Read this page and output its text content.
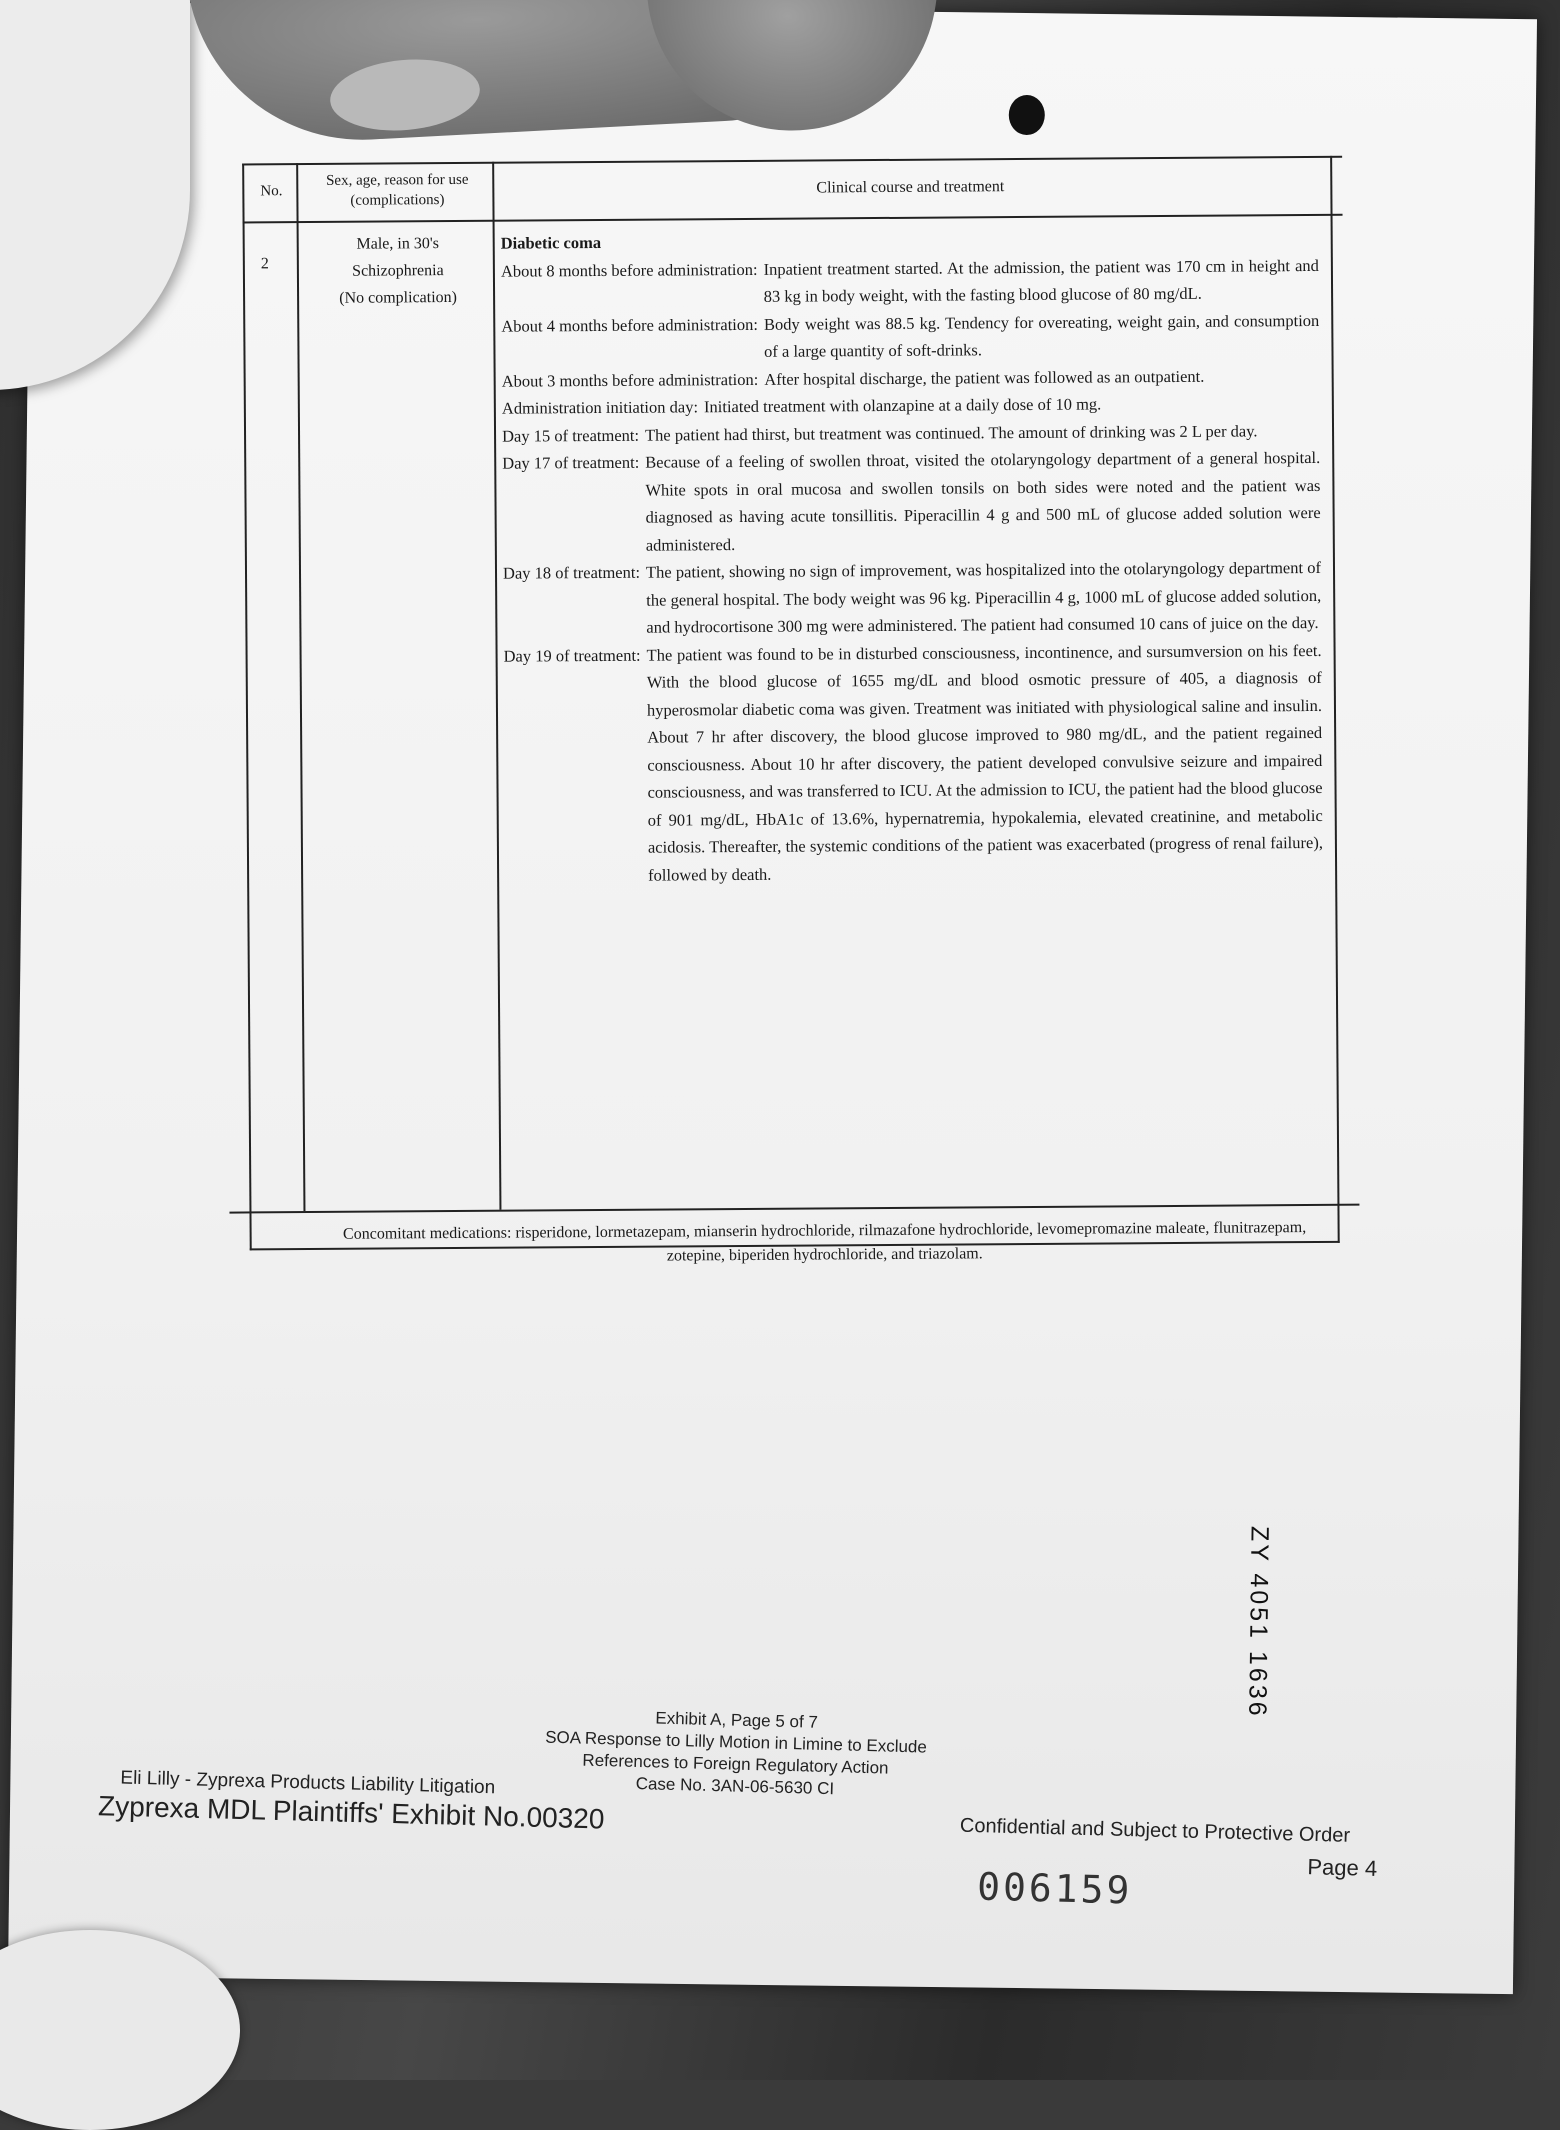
No.
Sex, age, reason for use (complications)
Clinical course and treatment
2
Male, in 30's
Schizophrenia
(No complication)
Diabetic coma
About 8 months before administration: Inpatient treatment started. At the admission, the patient was 170 cm in height and 83 kg in body weight, with the fasting blood glucose of 80 mg/dL.
About 4 months before administration: Body weight was 88.5 kg. Tendency for overeating, weight gain, and consumption of a large quantity of soft-drinks.
About 3 months before administration: After hospital discharge, the patient was followed as an outpatient.
Administration initiation day: Initiated treatment with olanzapine at a daily dose of 10 mg.
Day 15 of treatment: The patient had thirst, but treatment was continued. The amount of drinking was 2 L per day.
Day 17 of treatment: Because of a feeling of swollen throat, visited the otolaryngology department of a general hospital. White spots in oral mucosa and swollen tonsils on both sides were noted and the patient was diagnosed as having acute tonsillitis. Piperacillin 4 g and 500 mL of glucose added solution were administered.
Day 18 of treatment: The patient, showing no sign of improvement, was hospitalized into the otolaryngology department of the general hospital. The body weight was 96 kg. Piperacillin 4 g, 1000 mL of glucose added solution, and hydrocortisone 300 mg were administered. The patient had consumed 10 cans of juice on the day.
Day 19 of treatment: The patient was found to be in disturbed consciousness, incontinence, and sursumversion on his feet. With the blood glucose of 1655 mg/dL and blood osmotic pressure of 405, a diagnosis of hyperosmolar diabetic coma was given. Treatment was initiated with physiological saline and insulin. About 7 hr after discovery, the blood glucose improved to 980 mg/dL, and the patient regained consciousness. About 10 hr after discovery, the patient developed convulsive seizure and impaired consciousness, and was transferred to ICU. At the admission to ICU, the patient had the blood glucose of 901 mg/dL, HbA1c of 13.6%, hypernatremia, hypokalemia, elevated creatinine, and metabolic acidosis. Thereafter, the systemic conditions of the patient was exacerbated (progress of renal failure), followed by death.
Concomitant medications: risperidone, lormetazepam, mianserin hydrochloride, rilmazafone hydrochloride, levomepromazine maleate, flunitrazepam, zotepine, biperiden hydrochloride, and triazolam.
ZY 4051 1636
Exhibit A, Page 5 of 7
SOA Response to Lilly Motion in Limine to Exclude
References to Foreign Regulatory Action
Case No. 3AN-06-5630 CI
Eli Lilly - Zyprexa Products Liability Litigation
Zyprexa MDL Plaintiffs' Exhibit No.00320	Confidential and Subject to Protective Order
Page 4
006159
